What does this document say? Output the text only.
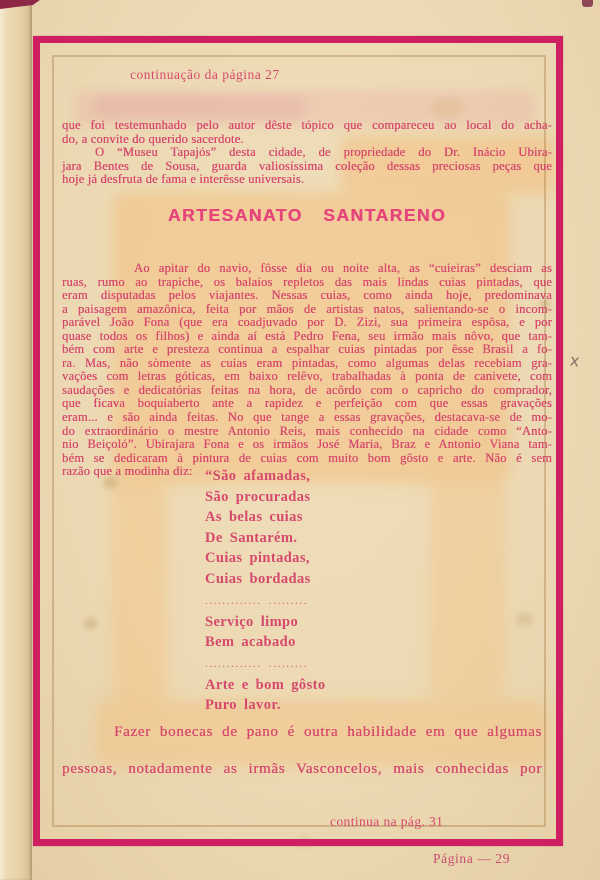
continuação da página 27
que foi testemunhado pelo autor dêste tópico que compareceu ao local do acha-
do, a convite do querido sacerdote.
O “Museu Tapajós” desta cidade, de propriedade do Dr. Inácio Ubira-
jara Bentes de Sousa, guarda valiosíssima coleção dessas preciosas peças que
hoje já desfruta de fama e interêsse universais.
ARTESANATO SANTARENO
Ao apitar do navio, fôsse dia ou noite alta, as “cuieiras” desciam as
ruas, rumo ao trapiche, os balaios repletos das mais lindas cuias pintadas, que
eram disputadas pelos viajantes. Nessas cuias, como ainda hoje, predominava
a paisagem amazônica, feita por mãos de artistas natos, salientando-se o incom-
parável João Fona (que era coadjuvado por D. Zizi, sua primeira espôsa, e por
quase todos os filhos) e ainda aí está Pedro Fena, seu irmão mais nôvo, que tam-
bém com arte e presteza continua a espalhar cuias pintadas por êsse Brasil a fo-
ra. Mas, não sòmente as cuias eram pintadas, como algumas delas recebiam gra-
vações com letras góticas, em baixo relêvo, trabalhadas à ponta de canivete, com
saudações e dedicatórias feitas na hora, de acôrdo com o capricho do comprador,
que ficava boquiaberto ante a rapidez e perfeição com que essas gravações
eram... e são ainda feitas. No que tange a essas gravações, destacava-se de mo-
do extraordinário o mestre Antonio Reis, mais conhecido na cidade como “Anto-
nio Beiçoló”. Ubirajara Fona e os irmãos José Maria, Braz e Antonio Viana tam-
bém se dedicaram à pintura de cuias com muito bom gôsto e arte. Não é sem
razão que a modinha diz: “São afamadas,
São procuradas
As belas cuias
De Santarém.
Cuias pintadas,
Cuias bordadas
............. .........
Serviço limpo
Bem acabado
............. .........
Arte e bom gôsto
Puro lavor.
Fazer bonecas de pano é outra habilidade em que algumas
pessoas, notadamente as irmãs Vasconcelos, mais conhecidas por
continua na pág. 31
Página — 29
x
